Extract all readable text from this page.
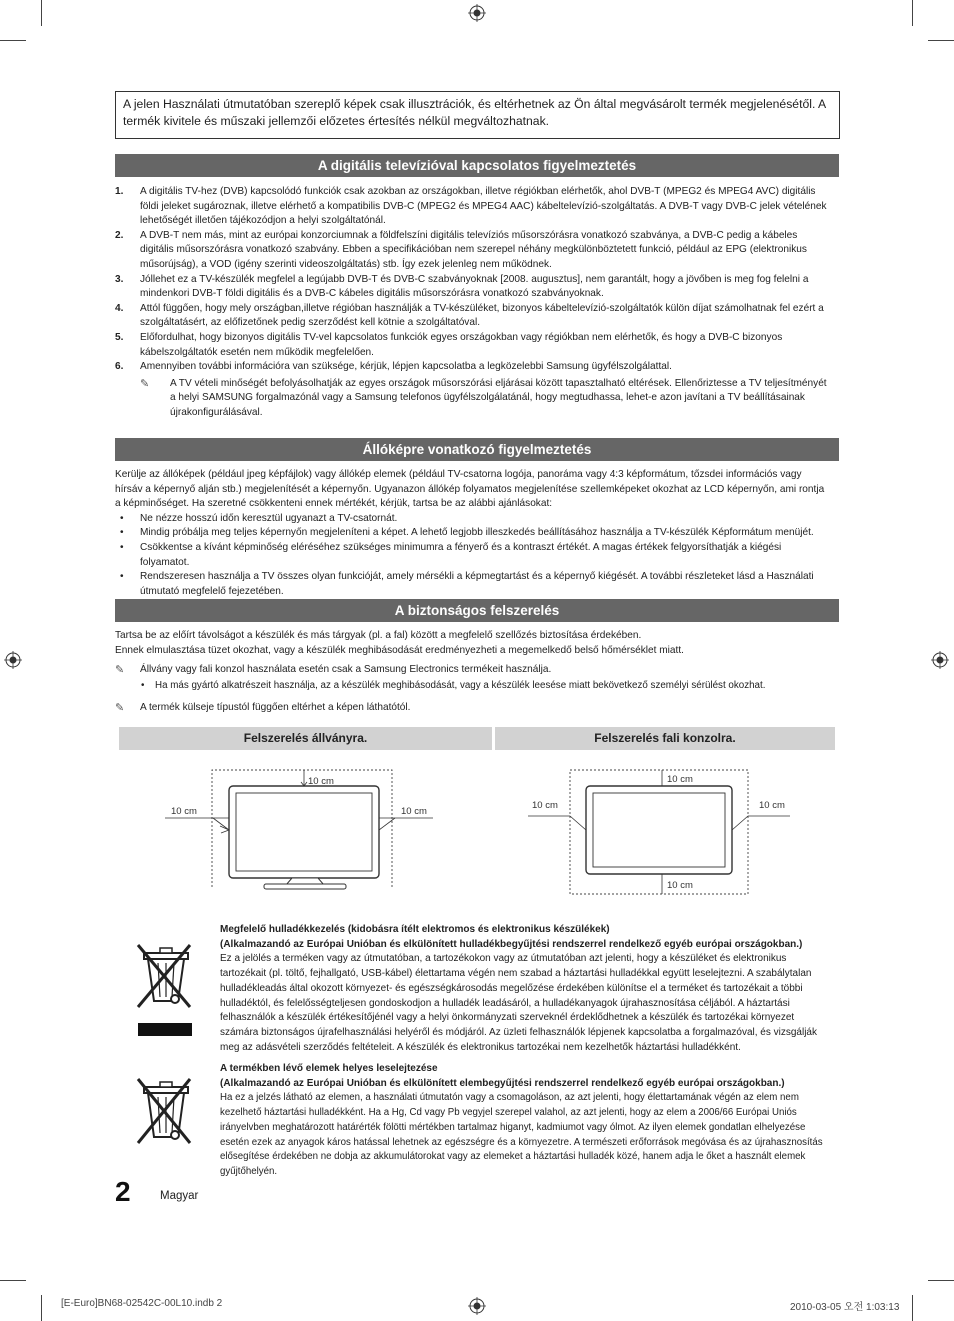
A jelen Használati útmutatóban szereplő képek csak illusztrációk, és eltérhetnek az Ön által megvásárolt termék megjelenésétől. A termék kivitele és műszaki jellemzői előzetes értesítés nélkül megváltozhatnak.
A digitális televízióval kapcsolatos figyelmeztetés
1. A digitális TV-hez (DVB) kapcsolódó funkciók csak azokban az országokban, illetve régiókban elérhetők, ahol DVB-T (MPEG2 és MPEG4 AVC) digitális földi jeleket sugároznak, illetve elérhető a kompatibilis DVB-C (MPEG2 és MPEG4 AAC) kábeltelevízió-szolgáltatás. A DVB-T vagy DVB-C jelek vételének lehetőségét illetően tájékozódjon a helyi szolgáltatónál.
2. A DVB-T nem más, mint az európai konzorciumnak a földfelszíni digitális televíziós műsorszórásra vonatkozó szabványa, a DVB-C pedig a kábeles digitális műsorszórásra vonatkozó szabvány. Ebben a specifikációban nem szerepel néhány megkülönböztetett funkció, például az EPG (elektronikus műsorújság), a VOD (igény szerinti videoszolgáltatás) stb. Így ezek jelenleg nem működnek.
3. Jóllehet ez a TV-készülék megfelel a legújabb DVB-T és DVB-C szabványoknak [2008. augusztus], nem garantált, hogy a jövőben is meg fog felelni a mindenkori DVB-T földi digitális és a DVB-C kábeles digitális műsorszórásra vonatkozó szabványoknak.
4. Attól függően, hogy mely országban,illetve régióban használják a TV-készüléket, bizonyos kábeltelevízió-szolgáltatók külön díjat számolhatnak fel ezért a szolgáltatásért, az előfizetőnek pedig szerződést kell kötnie a szolgáltatóval.
5. Előfordulhat, hogy bizonyos digitális TV-vel kapcsolatos funkciók egyes országokban vagy régiókban nem elérhetők, és hogy a DVB-C bizonyos kábelszolgáltatók esetén nem működik megfelelően.
6. Amennyiben további információra van szüksége, kérjük, lépjen kapcsolatba a legközelebbi Samsung ügyfélszolgálattal.
✎ A TV vételi minőségét befolyásolhatják az egyes országok műsorszórási eljárásai között tapasztalható eltérések. Ellenőriztesse a TV teljesítményét a helyi SAMSUNG forgalmazónál vagy a Samsung telefonos ügyfélszolgálatánál, hogy megtudhassa, lehet-e azon javítani a TV beállításainak újrakonfigurálásával.
Állóképre vonatkozó figyelmeztetés
Kerülje az állóképek (például jpeg képfájlok) vagy állókép elemek (például TV-csatorna logója, panoráma vagy 4:3 képformátum, tőzsdei információs vagy hírsáv a képernyő alján stb.) megjelenítését a képernyőn. Ugyanazon állókép folyamatos megjelenítése szellemképeket okozhat az LCD képernyőn, ami rontja a képminőséget. Ha szeretné csökkenteni ennek mértékét, kérjük, tartsa be az alábbi ajánlásokat:
• Ne nézze hosszú időn keresztül ugyanazt a TV-csatornát.
• Mindig próbálja meg teljes képernyőn megjeleníteni a képet. A lehető legjobb illeszkedés beállításához használja a TV-készülék Képformátum menüjét.
• Csökkentse a kívánt képminőség eléréséhez szükséges minimumra a fényerő és a kontraszt értékét. A magas értékek felgyorsíthatják a kiégési folyamatot.
• Rendszeresen használja a TV összes olyan funkcióját, amely mérsékli a képmegtartást és a képernyő kiégését. A további részleteket lásd a Használati útmutató megfelelő fejezetében.
A biztonságos felszerelés
Tartsa be az előírt távolságot a készülék és más tárgyak (pl. a fal) között a megfelelő szellőzés biztosítása érdekében.
Ennek elmulasztása tüzet okozhat, vagy a készülék meghibásodását eredményezheti a megemelkedő belső hőmérséklet miatt.
✎ Állvány vagy fali konzol használata esetén csak a Samsung Electronics termékeit használja.
• Ha más gyártó alkatrészeit használja, az a készülék meghibásodását, vagy a készülék leesése miatt bekövetkező személyi sérülést okozhat.
✎ A termék külseje típustól függően eltérhet a képen láthatótól.
Felszerelés állványra.	Felszerelés fali konzolra.
10 cm
10 cm	10 cm
10 cm
10 cm
10 cm	10 cm
Megfelelő hulladékkezelés (kidobásra ítélt elektromos és elektronikus készülékek)
(Alkalmazandó az Európai Unióban és elkülönített hulladékbegyűjtési rendszerrel rendelkező egyéb európai országokban.)
Ez a jelölés a terméken vagy az útmutatóban, a tartozékokon vagy az útmutatóban azt jelenti, hogy a készüléket és elektronikus tartozékait (pl. töltő, fejhallgató, USB-kábel) élettartama végén nem szabad a háztartási hulladékkal együtt leselejtezni. A szabálytalan hulladékleadás által okozott környezet- és egészségkárosodás megelőzése érdekében különítse el a terméket és tartozékait a többi hulladéktól, és felelősségteljesen gondoskodjon a hulladék leadásáról, a hulladékanyagok újrahasznosítása céljából. A háztartási felhasználók a készülék értékesítőjénél vagy a helyi önkormányzati szerveknél érdeklődhetnek a készülék és tartozékai környezet számára biztonságos újrafelhasználási helyéről és módjáról. Az üzleti felhasználók lépjenek kapcsolatba a forgalmazóval, és vizsgálják meg az adásvételi szerződés feltételeit. A készülék és elektronikus tartozékai nem kezelhetők háztartási hulladékként.
A termékben lévő elemek helyes leselejtezése
(Alkalmazandó az Európai Unióban és elkülönített elembegyűjtési rendszerrel rendelkező egyéb európai országokban.)
Ha ez a jelzés látható az elemen, a használati útmutatón vagy a csomagoláson, az azt jelenti, hogy élettartamának végén az elem nem kezelhető háztartási hulladékként. Ha a Hg, Cd vagy Pb vegyjel szerepel valahol, az azt jelenti, hogy az elem a 2006/66 Európai Uniós irányelvben meghatározott határérték fölötti mértékben tartalmaz higanyt, kadmiumot vagy ólmot. Az ilyen elemek gondatlan elhelyezése esetén ezek az anyagok káros hatással lehetnek az egészségre és a környezetre. A természeti erőforrások megóvása és az újrahasznosítás elősegítése érdekében ne dobja az akkumulátorokat vagy az elemeket a háztartási hulladék közé, hanem adja le őket a használt elemek gyűjtőhelyén.
2	Magyar
[E-Euro]BN68-02542C-00L10.indb 2	2010-03-05 오전 1:03:13
